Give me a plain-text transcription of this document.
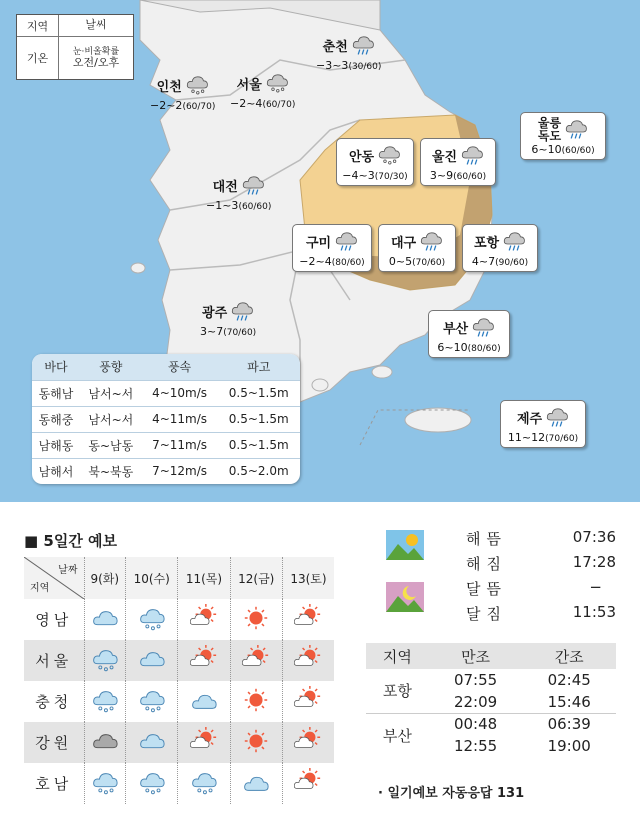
지역	날씨
기온
눈·비올확률
오전/오후
춘천
−3~3(30/60)
인천
−2~2(60/70)
서울
−2~4(60/70)
울릉
독도
6~10(60/60)
안동
−4~3(70/30)
울진
3~9(60/60)
대전
−1~3(60/60)
구미
−2~4(80/60)
대구
0~5(70/60)
포항
4~7(90/60)
광주
3~7(70/60)	부산
6~10(80/60)
제주
11~12(70/60)
바다	풍향	풍속	파고
동해남	남서~서	4~10m/s	0.5~1.5m
동해중	남서~서	4~11m/s	0.5~1.5m
남해동	동~남동	7~11m/s	0.5~1.5m
남해서	북~북동	7~12m/s	0.5~2.0m
■ 5일간 예보
날짜
지역	9(화)	10(수)	11(목)	12(금)	13(토)
영남					
서울					
충청					
강원					
호남					
해뜸	07:36
해짐	17:28
달뜸	−
달짐	11:53
지역	만조	간조
포항	07:55	02:45
	22:09	15:46
부산	00:48	06:39
	12:55	19:00
· 일기예보 자동응답 131
